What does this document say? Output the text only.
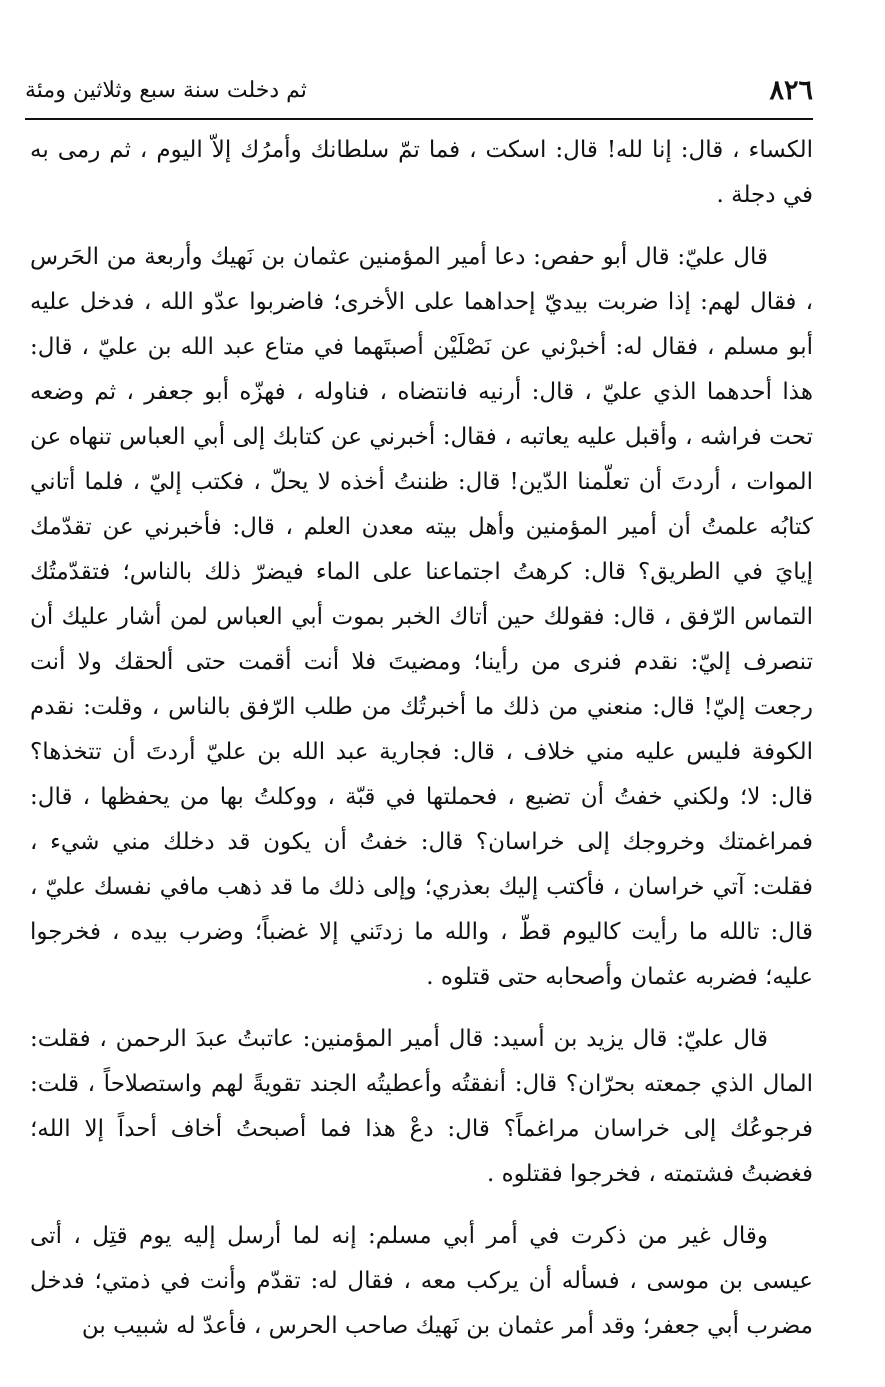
٨٢٦
ثم دخلت سنة سبع وثلاثين ومئة

الكساء ، قال: إنا لله! قال: اسكت ، فما تمّ سلطانك وأمرُك إلاّ اليوم ، ثم رمى به في دجلة .

قال عليّ: قال أبو حفص: دعا أمير المؤمنين عثمان بن نَهيك وأربعة من الحَرس ، فقال لهم: إذا ضربت بيديّ إحداهما على الأخرى؛ فاضربوا عدّو الله ، فدخل عليه أبو مسلم ، فقال له: أخبرْني عن نَصْلَيْن أصبتَهما في متاع عبد الله بن عليّ ، قال: هذا أحدهما الذي عليّ ، قال: أرنيه فانتضاه ، فناوله ، فهزّه أبو جعفر ، ثم وضعه تحت فراشه ، وأقبل عليه يعاتبه ، فقال: أخبرني عن كتابك إلى أبي العباس تنهاه عن الموات ، أردتَ أن تعلّمنا الدّين! قال: ظننتُ أخذه لا يحلّ ، فكتب إليّ ، فلما أتاني كتابُه علمتُ أن أمير المؤمنين وأهل بيته معدن العلم ، قال: فأخبرني عن تقدّمك إيايَ في الطريق؟ قال: كرهتُ اجتماعنا على الماء فيضرّ ذلك بالناس؛ فتقدّمتُك التماس الرّفق ، قال: فقولك حين أتاك الخبر بموت أبي العباس لمن أشار عليك أن تنصرف إليّ: نقدم فنرى من رأينا؛ ومضيتَ فلا أنت أقمت حتى ألحقك ولا أنت رجعت إليّ! قال: منعني من ذلك ما أخبرتُك من طلب الرّفق بالناس ، وقلت: نقدم الكوفة فليس عليه مني خلاف ، قال: فجارية عبد الله بن عليّ أردتَ أن تتخذها؟ قال: لا؛ ولكني خفتُ أن تضيع ، فحملتها في قبّة ، ووكلتُ بها من يحفظها ، قال: فمراغمتك وخروجك إلى خراسان؟ قال: خفتُ أن يكون قد دخلك مني شيء ، فقلت: آتي خراسان ، فأكتب إليك بعذري؛ وإلى ذلك ما قد ذهب مافي نفسك عليّ ، قال: تالله ما رأيت كاليوم قطّ ، والله ما زدتَني إلا غضباً؛ وضرب بيده ، فخرجوا عليه؛ فضربه عثمان وأصحابه حتى قتلوه .

قال عليّ: قال يزيد بن أسيد: قال أمير المؤمنين: عاتبتُ عبدَ الرحمن ، فقلت: المال الذي جمعته بحرّان؟ قال: أنفقتُه وأعطيتُه الجند تقويةً لهم واستصلاحاً ، قلت: فرجوعُك إلى خراسان مراغماً؟ قال: دعْ هذا فما أصبحتُ أخاف أحداً إلا الله؛ فغضبتُ فشتمته ، فخرجوا فقتلوه .

وقال غير من ذكرت في أمر أبي مسلم: إنه لما أرسل إليه يوم قتِل ، أتى عيسى بن موسى ، فسأله أن يركب معه ، فقال له: تقدّم وأنت في ذمتي؛ فدخل مضرب أبي جعفر؛ وقد أمر عثمان بن نَهيك صاحب الحرس ، فأعدّ له شبيب بن
